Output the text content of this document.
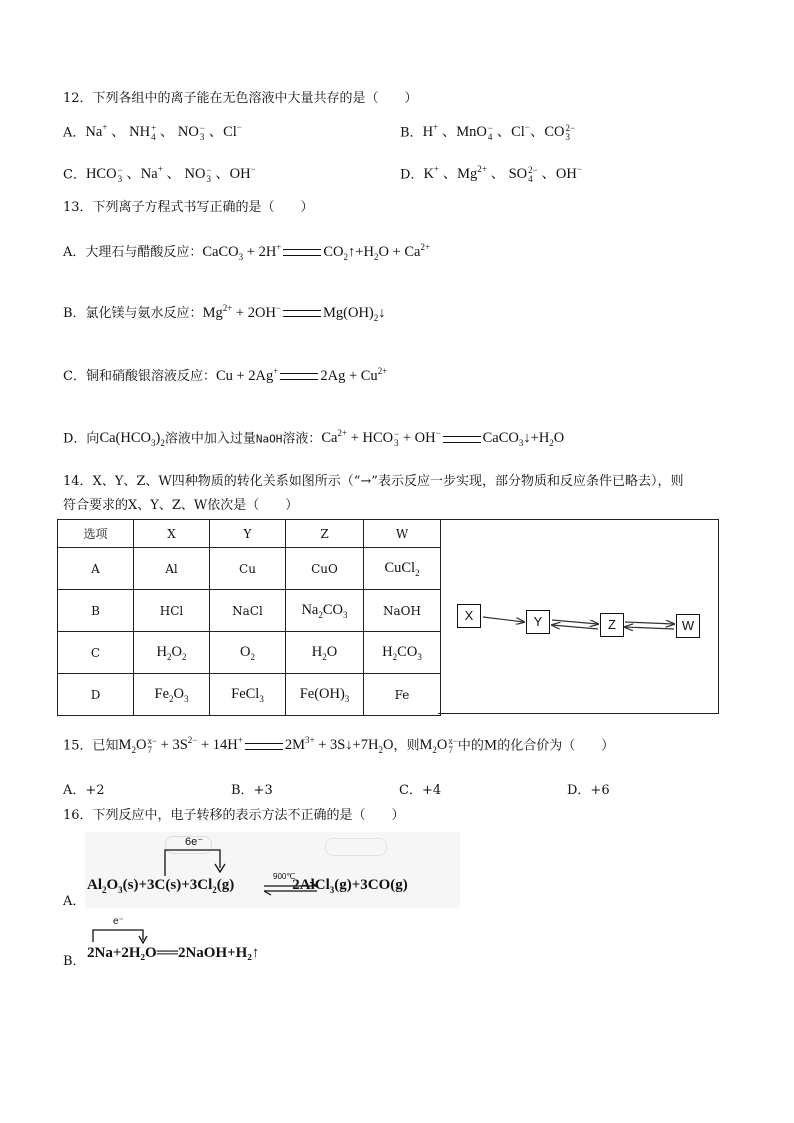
12．下列各组中的离子能在无色溶液中大量共存的是（　　）
A．Na+ 、 NH +
4 、 NO −
3 、Cl−	B．H+ 、MnO −
4 、Cl−、CO 2−
3
C．HCO −
3 、Na+ 、 NO −
3 、OH−	D．K+ 、$Mg^{2+}$ 、 SO 2−
4 、OH−
13．下列离子方程式书写正确的是（　　）
A．大理石与醋酸反应：CaCO$_3$ + 2H+	$CO_2↑+H_2O + Ca^{2+}$
B．氯化镁与氨水反应：$Mg^{2+} + 2OH^-$	$Mg(OH)_2↓$
C．铜和硝酸银溶液反应：Cu + 2Ag+	$2Ag + Cu^{2+}$
D．向$Ca(HCO_3)_2$溶液中加入过量NaOH溶液：$Ca^{2+}$ + HCO −
3 + OH−	$CaCO_3↓+H_2O$
14．X、Y、Z、W四种物质的转化关系如图所示（“→”表示反应一步实现，部分物质和反应条件已略去），则
符合要求的X、Y、Z、W依次是（　　）
选项	X	Y	Z	W
A	Al	Cu	CuO	CuCl$_2$
B	HCl	NaCl	$Na_2CO_3$	NaOH
C	$H_2O_2$	$O_2$	$H_2O$	$H_2CO_3$
D	$Fe_2O_3$	FeCl$_3$	$Fe(OH)_3$	Fe
X	Y	Z	W
15．已知$M_2O$ x−
$7 + 3S^{2-} + 14H^+$	$2M^{3+}$ + $3S↓+7H_2O$，则$M_2O$ x−
7 中的M的化合价为（　　）
A．+2	B．+3	C．+4	D．+6
16．下列反应中，电子转移的表示方法不正确的是（　　）
6e⁻
$Al_2O_3(s)+3C(s)+3Cl_2(g)$	2AlCl$_3$(g)+3CO(g)
900℃
A．
e⁻
2Na+2H₂O══2NaOH+H₂↑
B．
